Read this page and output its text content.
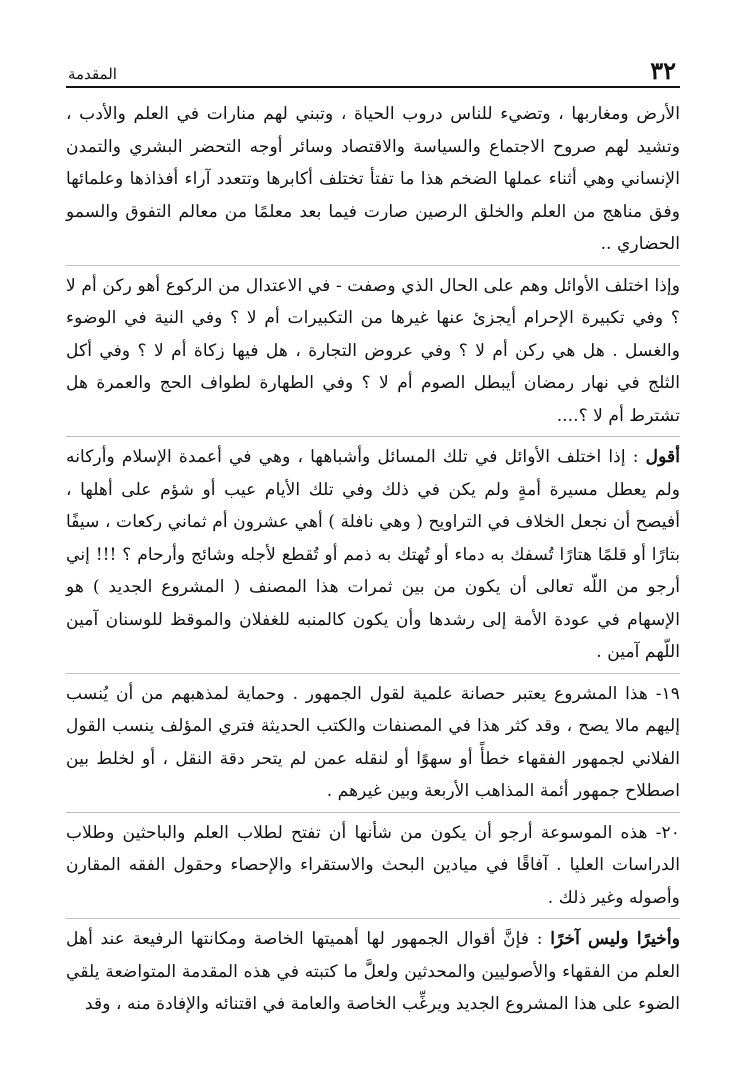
٣٢
المقدمة

الأرض ومغاربها ، وتضيء للناس دروب الحياة ، وتبني لهم منارات في العلم والأدب ، وتشيد لهم صروح الاجتماع والسياسة والاقتصاد وسائر أوجه التحضر البشري والتمدن الإنساني وهي أثناء عملها الضخم هذا ما تفتأ تختلف أكابرها وتتعدد آراء أفذاذها وعلمائها وفق مناهج من العلم والخلق الرصين صارت فيما بعد معلمًا من معالم التفوق والسمو الحضاري ..

وإذا اختلف الأوائل وهم على الحال الذي وصفت - في الاعتدال من الركوع أهو ركن أم لا ؟ وفي تكبيرة الإحرام أيجزئ عنها غيرها من التكبيرات أم لا ؟ وفي النية في الوضوء والغسل . هل هي ركن أم لا ؟ وفي عروض التجارة ، هل فيها زكاة أم لا ؟ وفي أكل الثلج في نهار رمضان أيبطل الصوم أم لا ؟ وفي الطهارة لطواف الحج والعمرة هل تشترط أم لا ؟....

أقول : إذا اختلف الأوائل في تلك المسائل وأشباهها ، وهي في أعمدة الإسلام وأركانه ولم يعطل مسيرة أمةٍ ولم يكن في ذلك وفي تلك الأيام عيب أو شؤم على أهلها ، أفيصح أن نجعل الخلاف في التراويح ( وهي نافلة ) أهي عشرون أم ثماني ركعات ، سيفًا بتارًا أو قلمًا هتارًا تُسفك به دماء أو تُهتك به ذمم أو تُقطع لأجله وشائج وأرحام ؟ !!! إني أرجو من اللّه تعالى أن يكون من بين ثمرات هذا المصنف ( المشروع الجديد ) هو الإسهام في عودة الأمة إلى رشدها وأن يكون كالمنبه للغفلان والموقظ للوسنان آمين اللّهم آمين .

١٩- هذا المشروع يعتبر حصانة علمية لقول الجمهور . وحماية لمذهبهم من أن يُنسب إليهم مالا يصح ، وقد كثر هذا في المصنفات والكتب الحديثة فتري المؤلف ينسب القول الفلاني لجمهور الفقهاء خطأً أو سهوًا أو لنقله عمن لم يتحر دقة النقل ، أو لخلط بين اصطلاح جمهور أئمة المذاهب الأربعة وبين غيرهم .

٢٠- هذه الموسوعة أرجو أن يكون من شأنها أن تفتح لطلاب العلم والباحثين وطلاب الدراسات العليا . آفاقًا في ميادين البحث والاستقراء والإحصاء وحقول الفقه المقارن وأصوله وغير ذلك .

وأخيرًا وليس آخرًا : فإنَّ أقوال الجمهور لها أهميتها الخاصة ومكانتها الرفيعة عند أهل العلم من الفقهاء والأصوليين والمحدثين ولعلَّ ما كتبته في هذه المقدمة المتواضعة يلقي الضوء على هذا المشروع الجديد ويرغِّب الخاصة والعامة في اقتنائه والإفادة منه ، وقد
